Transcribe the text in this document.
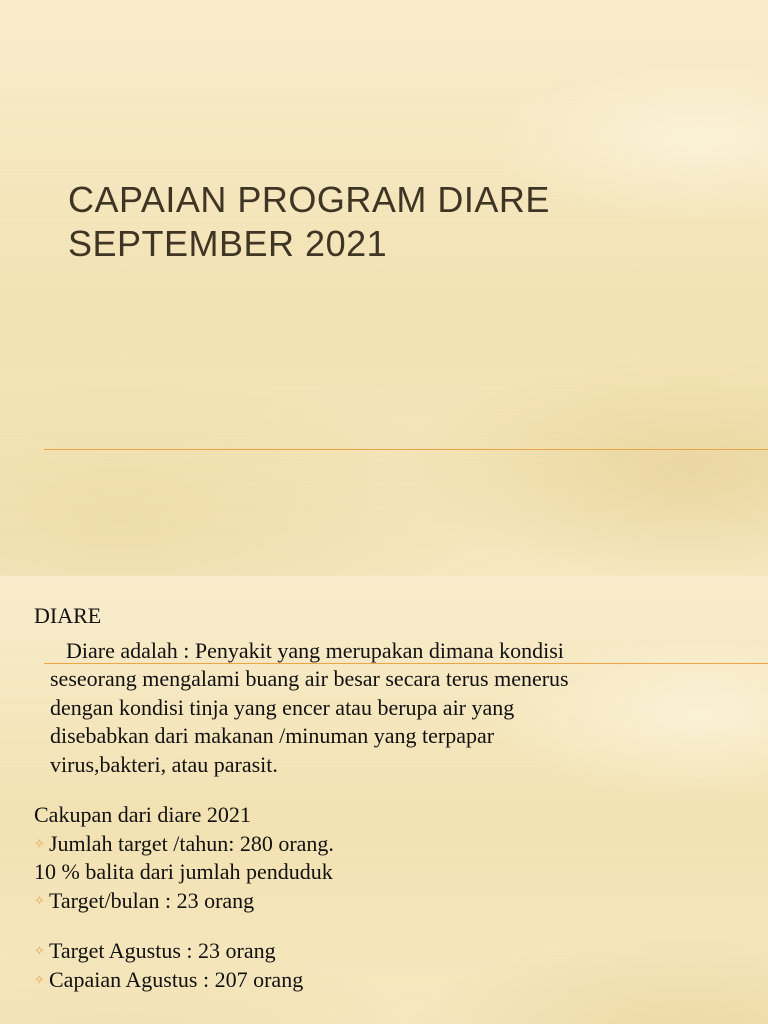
CAPAIAN PROGRAM DIARE
SEPTEMBER 2021

DIARE

Diare adalah : Penyakit yang merupakan dimana kondisi
seseorang mengalami buang air besar secara terus menerus
dengan kondisi tinja yang encer atau berupa air yang
disebabkan dari makanan /minuman yang terpapar
virus,bakteri, atau parasit.

Cakupan dari diare 2021

✧ Jumlah target /tahun: 280 orang.

10 % balita dari jumlah penduduk

✧ Target/bulan : 23 orang

✧ Target Agustus : 23 orang

✧ Capaian Agustus : 207 orang
